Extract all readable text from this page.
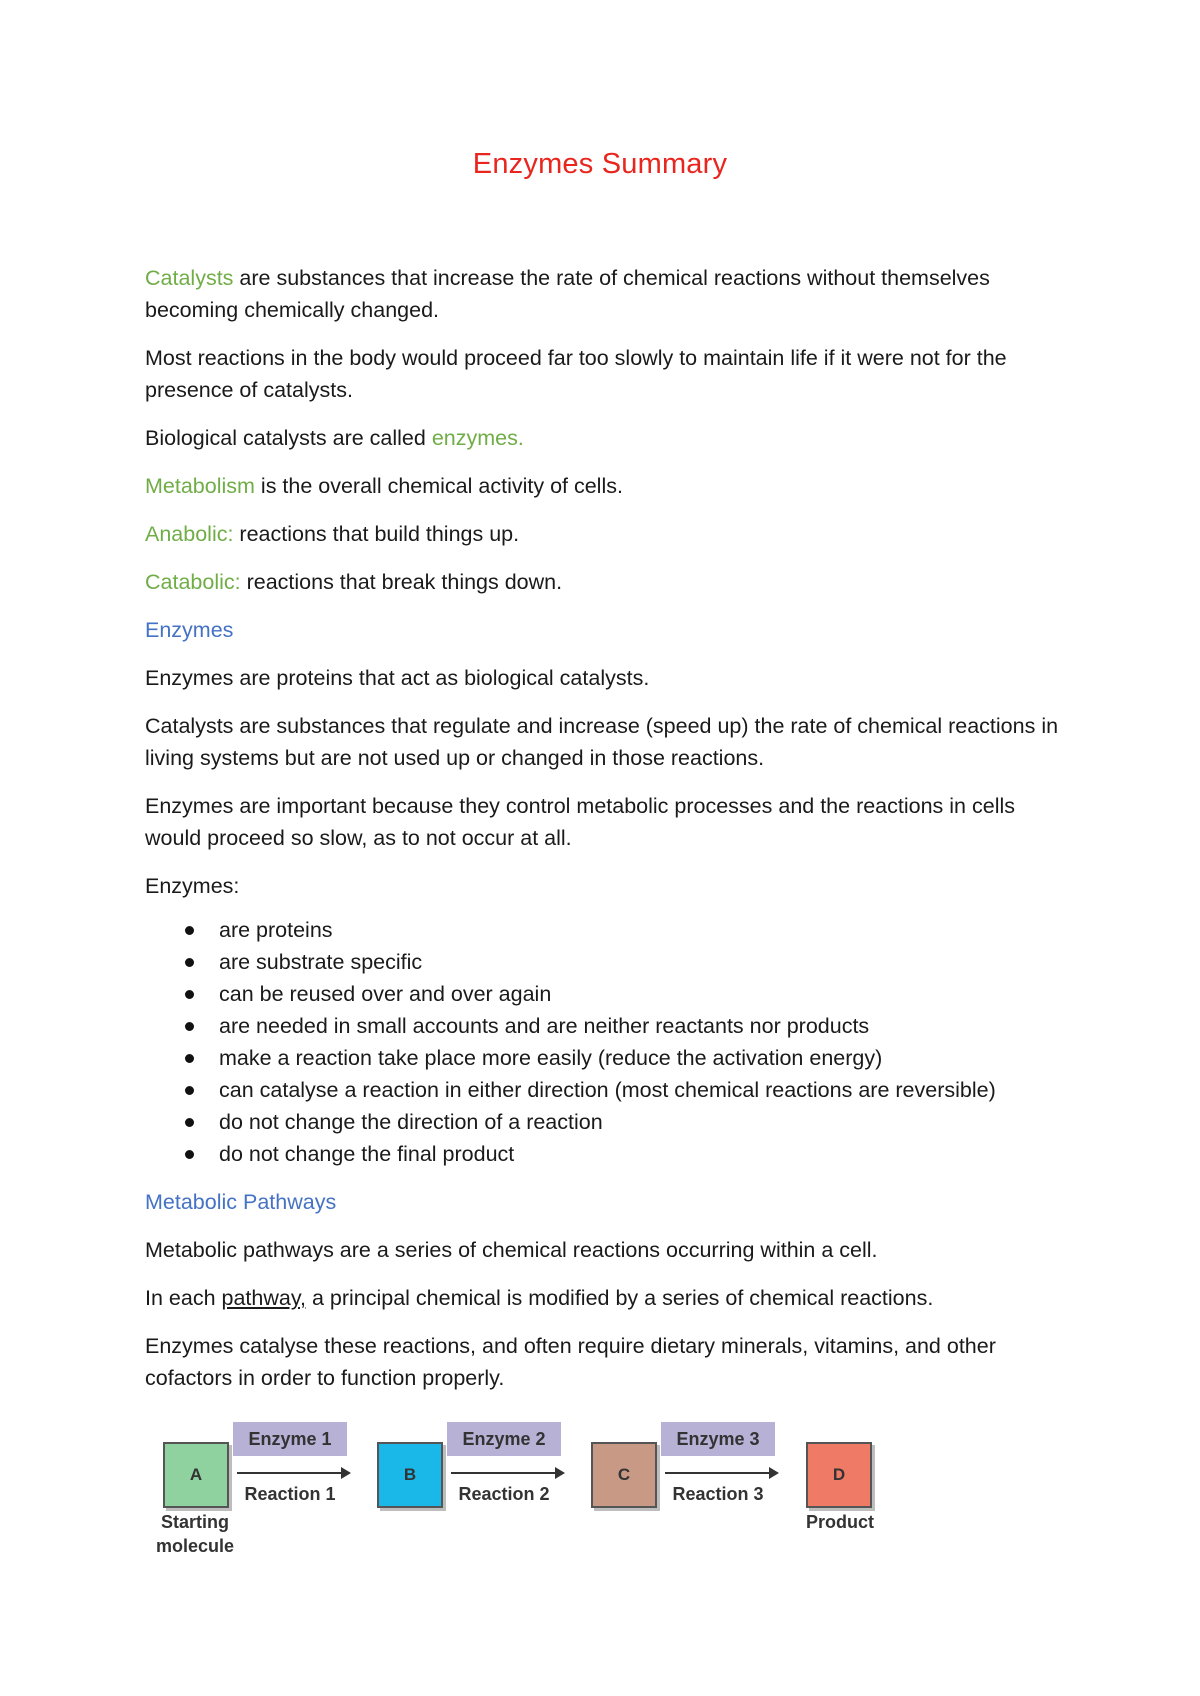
Enzymes Summary

Catalysts are substances that increase the rate of chemical reactions without themselves becoming chemically changed.

Most reactions in the body would proceed far too slowly to maintain life if it were not for the presence of catalysts.

Biological catalysts are called enzymes.

Metabolism is the overall chemical activity of cells.

Anabolic: reactions that build things up.

Catabolic: reactions that break things down.

Enzymes

Enzymes are proteins that act as biological catalysts.

Catalysts are substances that regulate and increase (speed up) the rate of chemical reactions in living systems but are not used up or changed in those reactions.

Enzymes are important because they control metabolic processes and the reactions in cells would proceed so slow, as to not occur at all.

Enzymes:

are proteins
are substrate specific
can be reused over and over again
are needed in small accounts and are neither reactants nor products
make a reaction take place more easily (reduce the activation energy)
can catalyse a reaction in either direction (most chemical reactions are reversible)
do not change the direction of a reaction
do not change the final product

Metabolic Pathways

Metabolic pathways are a series of chemical reactions occurring within a cell.

In each pathway, a principal chemical is modified by a series of chemical reactions.

Enzymes catalyse these reactions, and often require dietary minerals, vitamins, and other cofactors in order to function properly.

A	B	C	D
Enzyme 1	Enzyme 2	Enzyme 3
Reaction 1	Reaction 2	Reaction 3
Starting
molecule
Product
